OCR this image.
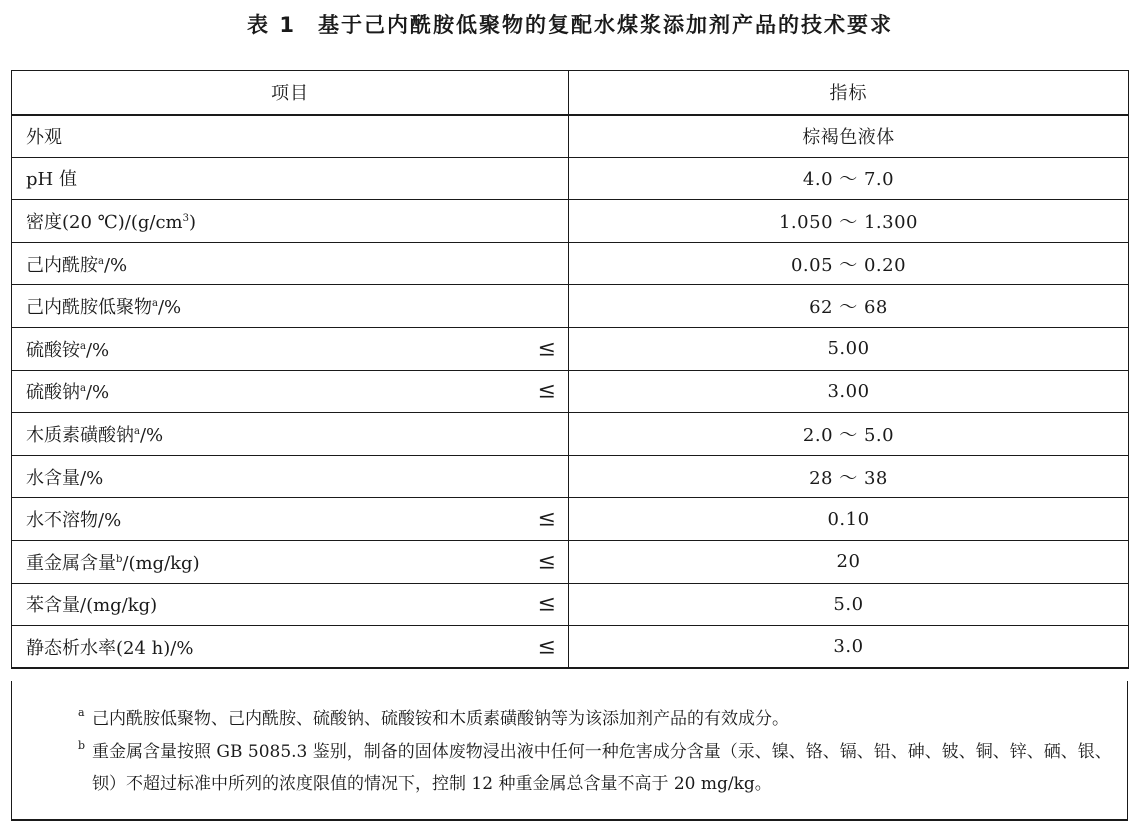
表 1 基于己内酰胺低聚物的复配水煤浆添加剂产品的技术要求
项目	指标
外观	棕褐色液体
pH 值	4.0 ～ 7.0
密度(20 $℃)/(g/cm^3)$	1.050 ～ 1.300
己内酰胺$^a$/%	0.05 ～ 0.20
己内酰胺低聚物$^a$/%	62 ～ 68
硫酸铵$^a$/% ≤	5.00
硫酸钠$^a$/% ≤	3.00
木质素磺酸钠$^a$/%	2.0 ～ 5.0
水含量/%	28 ～ 38
水不溶物/% ≤	0.10
重金属含量$^b$/(mg/kg) ≤	20
苯含量/(mg/kg) ≤	5.0
静态析水率(24 h)/% ≤	3.0
a 己内酰胺低聚物、己内酰胺、硫酸钠、硫酸铵和木质素磺酸钠等为该添加剂产品的有效成分。
b 重金属含量按照 GB 5085.3 鉴别，制备的固体废物浸出液中任何一种危害成分含量（汞、镍、铬、镉、铅、砷、铍、铜、锌、硒、银、钡）不超过标准中所列的浓度限值的情况下，控制 12 种重金属总含量不高于 20 mg/kg。
